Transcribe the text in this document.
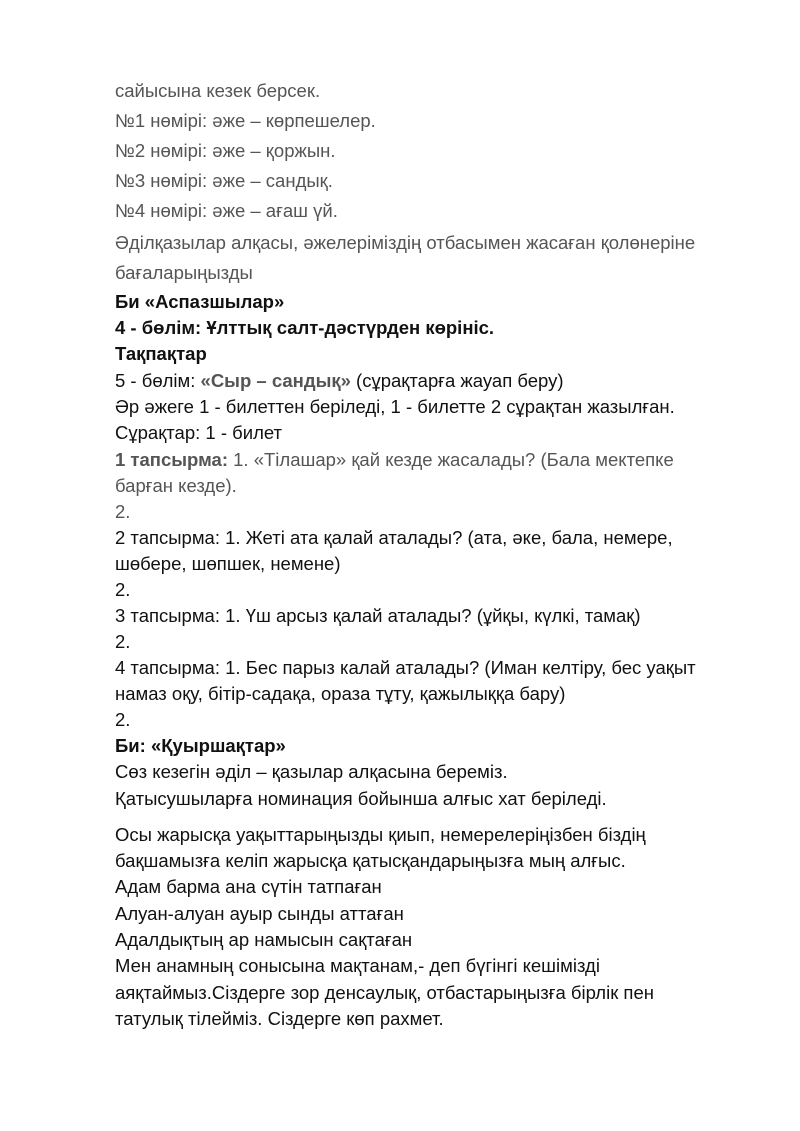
сайысына кезек берсек.
№1 нөмірі: әже – көрпешелер.
№2 нөмірі: әже – қоржын.
№3 нөмірі: әже – сандық.
№4 нөмірі: әже – ағаш үй.
Әділқазылар алқасы, әжелеріміздің отбасымен жасаған қолөнеріне
бағаларыңызды
Би «Аспазшылар»
4 - бөлім: Ұлттық салт-дәстүрден көрініс.
Тақпақтар
5 - бөлім: «Сыр – сандық» (сұрақтарға жауап беру)
Әр әжеге 1 - билеттен беріледі, 1 - билетте 2 сұрақтан жазылған.
Сұрақтар: 1 - билет
1 тапсырма: 1. «Тілашар» қай кезде жасалады? (Бала мектепке
барған кезде).
2.
2 тапсырма: 1. Жеті ата қалай аталады? (ата, әке, бала, немере,
шөбере, шөпшек, немене)
2.
3 тапсырма: 1. Үш арсыз қалай аталады? (ұйқы, күлкі, тамақ)
2.
4 тапсырма: 1. Бес парыз калай аталады? (Иман келтіру, бес уақыт
намаз оқу, бітір-садақа, ораза тұту, қажылыққа бару)
2.
Би: «Қуыршақтар»
Сөз кезегін әділ – қазылар алқасына береміз.
Қатысушыларға номинация бойынша алғыс хат беріледі.
Осы жарысқа уақыттарыңызды қиып, немерелеріңізбен біздің
бақшамызға келіп жарысқа қатысқандарыңызға мың алғыс.
Адам барма ана сүтін татпаған
Алуан-алуан ауыр сынды аттаған
Адалдықтың ар намысын сақтаған
Мен анамның сонысына мақтанам,- деп бүгінгі кешімізді
аяқтаймыз.Сіздерге зор денсаулық, отбастарыңызға бірлік пен
татулық тілейміз. Сіздерге көп рахмет.
